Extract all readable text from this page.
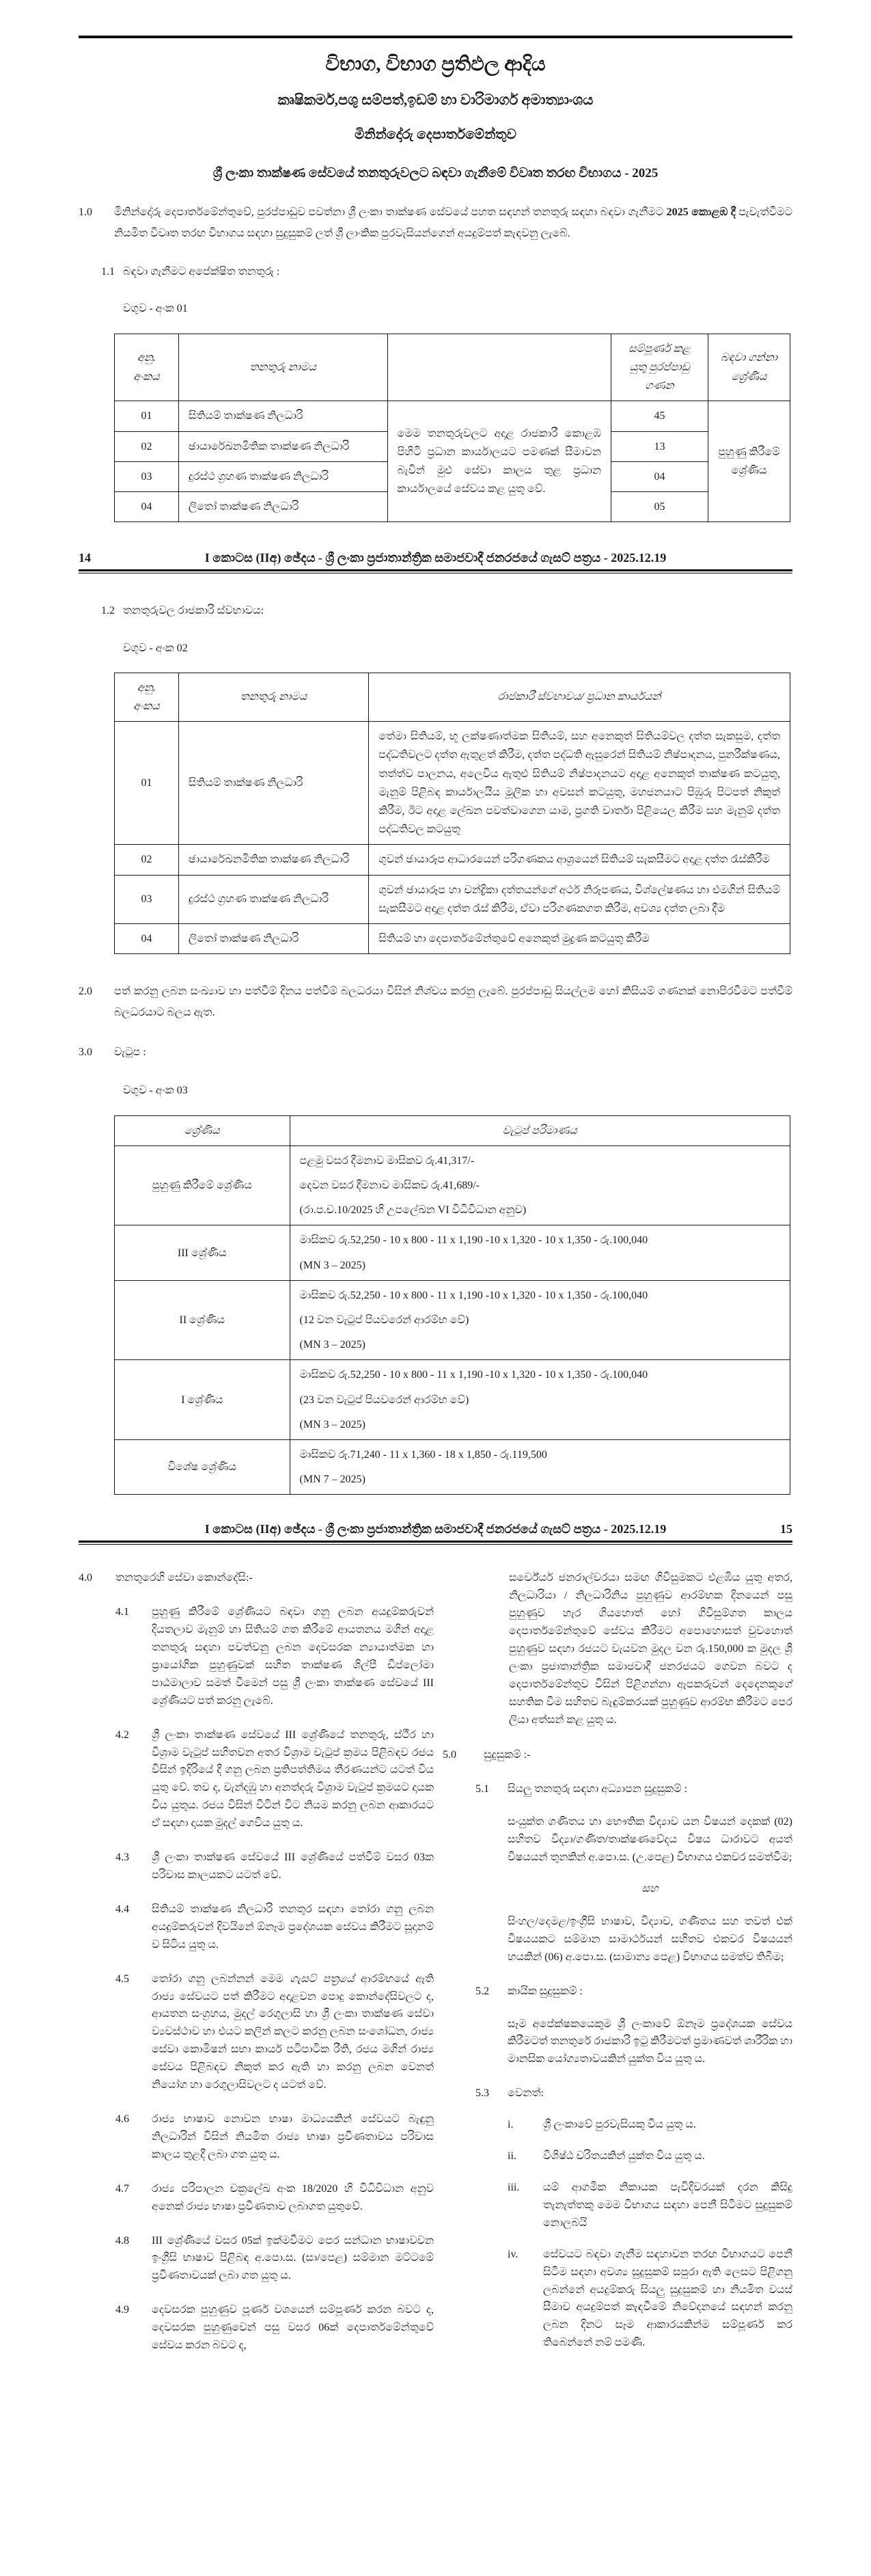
විභාග, විභාග ප්‍රතිඵල ආදිය
කෘෂිකර්ම,පශු සම්පත්,ඉඩම් හා වාරිමාර්ග අමාත්‍යාංශය
මිනින්දෝරු දෙපාර්තමේන්තුව
ශ්‍රී ලංකා තාක්ෂණ සේවයේ තනතුරුවලට බඳවා ගැනීමේ විවෘත තරඟ විභාගය - 2025
1.0	මිනින්දෝරු දෙපාර්තමේන්තුවේ, පුරප්පාඩුව පවත්නා ශ්‍රී ලංකා තාක්ෂණ සේවයේ පහත සඳහන් තනතුරු සඳහා බඳවා ගැනීමට 2025 කොළඹ දී පැවැත්වීමට නියමිත විවෘත තරඟ විභාගය සඳහා සුදුසුකම් ලත් ශ්‍රී ලාංකික පුරවැසියන්ගෙන් අයදුම්පත් කැඳවනු ලැබේ.
1.1 බඳවා ගැනීමට අපේක්ෂිත තනතුරු :
වගුව - අංක 01
අනු. අංකය	තනතුරු නාමය		සම්පූර්ණ කළ යුතු පුරප්පාඩු ගණන	බඳවා ගන්නා ශ්‍රේණිය
01	සිතියම් තාක්ෂණ නිලධාරි	මෙම තනතුරුවලට අදාළ රාජකාරී කොළඹ පිහිටි ප්‍රධාන කාර්යාලයට පමණක් සීමාවන බැවින් මුළු සේවා කාලය තුළ ප්‍රධාන කාර්යාලයේ සේවය කළ යුතු වේ.	45	පුහුණු කිරීමේ ශ්‍රේණිය
02	ඡායාරේඛනමිතික තාක්ෂණ නිලධාරි		13	
03	දුරස්ථ ග්‍රහණ තාක්ෂණ නිලධාරි		04	
04	ලිතෝ තාක්ෂණ නිලධාරි		05	
14	I කොටස (IIඅ) ඡේදය - ශ්‍රී ලංකා ප්‍රජාතාන්ත්‍රික සමාජවාදී ජනරජයේ ගැසට් පත්‍රය - 2025.12.19
1.2 තනතුරුවල රාජකාරි ස්වභාවය:
වගුව - අංක 02
අනු. අංකය	තනතුරු නාමය	රාජකාරී ස්වභාවය/ ප්‍රධාන කාර්යයන්
01	සිතියම් තාක්ෂණ නිලධාරි	තේමා සිතියම්, භූ ලක්ෂණාත්මක සිතියම්, සහ අනෙකුත් සිතියම්වල දත්ත සැකසුම, දත්ත පද්ධතිවලට දත්ත ඇතුළත් කිරීම, දත්ත පද්ධති ඇසුරෙන් සිතියම් නිෂ්පාදනය, පුනරීක්ෂණය, තත්ත්ව පාලනය, අලෙවිය ඇතුළු සිතියම් නිෂ්පාදනයට අදාළ අනෙකුත් තාක්ෂණ කටයුතු, මැනුම් පිළිබඳ කාර්යාලයීය මූලික හා අවසන් කටයුතු, මහජනයාට පිඹුරු පිටපත් නිකුත් කිරීම, ඊට අදාළ ලේඛන පවත්වාගෙන යාම, ප්‍රගති වාර්තා පිළියෙල කිරීම සහ මැනුම් දත්ත පද්ධතිවල කටයුතු
02	ඡායාරේඛනමිතික තාක්ෂණ නිලධාරි	ගුවන් ඡායාරූප ආධාරයෙන් පරිගණකය ආශ්‍රයෙන් සිතියම් සැකසීමට අදාළ දත්ත රැස්කිරීම
03	දුරස්ථ ග්‍රහණ තාක්ෂණ නිලධාරි	ගුවන් ඡායාරූප හා චන්ද්‍රිකා දත්තයන්ගේ අර්ථ නිරූපණය, විශ්ලේෂණය හා එමගින් සිතියම් සැකසීමට අදාළ දත්ත රැස් කිරීම, ඒවා පරිගණකගත කිරීම, අවශ්‍ය දත්ත ලබා දීම
04	ලිතෝ තාක්ෂණ නිලධාරි	සිතියම් හා දෙපාර්තමේන්තුවේ අනෙකුත් මුද්‍රණ කටයුතු කිරීම
2.0	පත් කරනු ලබන සංඛ්‍යාව හා පත්වීම් දිනය පත්වීම් බලධරයා විසින් නිශ්චය කරනු ලැබේ. පුරප්පාඩු සියල්ලම හෝ කිසියම් ගණනක් නොපිරවීමට පත්වීම් බලධරයාට බලය ඇත.
3.0	වැටුප :
වගුව - අංක 03
ශ්‍රේණිය	වැටුප් පරිමාණය
පුහුණු කිරීමේ ශ්‍රේණිය	පළමු වසර දීමනාව මාසිකව රු.41,317/-
දෙවන වසර දීමනාව මාසිකව රු.41,689/-
(රා.ප.ච.10/2025 හි උපලේඛන VI විධිවිධාන අනුව)

III ශ්‍රේණිය	මාසිකව රු.52,250 - 10 x 800 - 11 x 1,190 -10 x 1,320 - 10 x 1,350 - රු.100,040
(MN 3 – 2025)

II ශ්‍රේණිය	මාසිකව රු.52,250 - 10 x 800 - 11 x 1,190 -10 x 1,320 - 10 x 1,350 - රු.100,040
(12 වන වැටුප් පියවරෙන් ආරම්භ වේ)
(MN 3 – 2025)

I ශ්‍රේණිය	මාසිකව රු.52,250 - 10 x 800 - 11 x 1,190 -10 x 1,320 - 10 x 1,350 - රු.100,040
(23 වන වැටුප් පියවරෙන් ආරම්භ වේ)
(MN 3 – 2025)

විශේෂ ශ්‍රේණිය	මාසිකව රු.71,240 - 11 x 1,360 - 18 x 1,850 - රු.119,500
(MN 7 – 2025)
I කොටස (IIඅ) ඡේදය - ශ්‍රී ලංකා ප්‍රජාතාන්ත්‍රික සමාජවාදී ජනරජයේ ගැසට් පත්‍රය - 2025.12.19	15
4.0	තනතුරෙහි සේවා කොන්දේසි:-
4.1	පුහුණු කිරීමේ ශ්‍රේණියට බඳවා ගනු ලබන අයදුම්කරුවන් දියතලාව මැනුම් හා සිතියම් ගත කිරීමේ ආයතනය මගින් අදාළ තනතුරු සඳහා පවත්වනු ලබන දෙවසරක න්‍යායාත්මක හා ප්‍රායෝගික පුහුණුවක් සහිත තාක්ෂණ ශිල්පී ඩිප්ලෝමා පාඨමාලාව සමත් වීමෙන් පසු ශ්‍රී ලංකා තාක්ෂණ සේවයේ III ශ්‍රේණියට පත් කරනු ලැබේ.
4.2	ශ්‍රී ලංකා තාක්ෂණ සේවයේ III ශ්‍රේණියේ තනතුරු, ස්ථීර හා විශ්‍රාම වැටුප් සහිතවන අතර විශ්‍රාම වැටුප් ක්‍රමය පිළිබඳව රජය විසින් ඉදිරියේ දී ගනු ලබන ප්‍රතිපත්තිමය තීරණයන්ට යටත් විය යුතු වේ. තව ද, වැන්දඹු හා අනත්දරු විශ්‍රාම වැටුප් ක්‍රමයට දායක විය යුතුය. රජය විසින් විටින් විට නියම කරනු ලබන ආකාරයට ඒ සඳහා දායක මුදල් ගෙවිය යුතු ය.
4.3	ශ්‍රී ලංකා තාක්ෂණ සේවයේ III ශ්‍රේණියේ පත්වීම් වසර 03ක පරිවාස කාලයකට යටත් වේ.
4.4	සිතියම් තාක්ෂණ නිලධාරි තනතුර සඳහා තෝරා ගනු ලබන අයදුම්කරුවන් දිවයිනේ ඕනෑම ප්‍රදේශයක සේවය කිරීමට සූදානම් ව සිටිය යුතු ය.
4.5	තෝරා ගනු ලබන්නන් මෙම ගැසට් පත්‍රයේ ආරම්භයේ ඇති රාජ්‍ය සේවයට පත් කිරීමට අදාළවන පොදු කොන්දේසිවලට ද, ආයතන සංග්‍රහය, මුදල් රෙගුලාසි හා ශ්‍රී ලංකා තාක්ෂණ සේවා ව්‍යවස්ථාව හා එයට කලින් කලට කරනු ලබන සංශෝධන, රාජ්‍ය සේවා කොමිෂන් සභා කාර්ය පටිපාටික රීති, රජය මගින් රාජ්‍ය සේවය පිළිබඳව නිකුත් කර ඇති හා කරනු ලබන වෙනත් නියෝග හා රෙගුලාසිවලට ද යටත් වේ.
4.6	රාජ්‍ය භාෂාව නොවන භාෂා මාධ්‍යයකින් සේවයට බැඳුනු නිලධාරින් විසින් නියමිත රාජ්‍ය භාෂා ප්‍රවීණතාවය පරිවාස කාලය තුළදී ලබා ගත යුතු ය.
4.7	රාජ්‍ය පරිපාලන චක්‍රලේඛ අංක 18/2020 හි විධිවිධාන අනුව අනෙක් රාජ්‍ය භාෂා ප්‍රවීණතාව ලබාගත යුතුවේ.
4.8	III ශ්‍රේණියේ වසර 05ක් ඉක්මවීමට පෙර සන්ධාන භාෂාවවන ඉංග්‍රීසි භාෂාව පිළිබඳ අ.පො.ස. (සා/පෙළ) සම්මාන මට්ටමේ ප්‍රවීණතාවයක් ලබා ගත යුතු ය.
4.9	දෙවසරක පුහුණුව පූර්ණ වශයෙන් සම්පූර්ණ කරන බවට ද, දෙවසරක පුහුණුවෙන් පසු වසර 06ක් දෙපාර්තමේන්තුවේ සේවය කරන බවට ද,
සර්වේයර් ජනරාල්වරයා සමඟ ගිවිසුමකට එළඹිය යුතු අතර, නිලධාරියා / නිලධාරිනිය පුහුණුව ආරම්භක දිනයෙන් පසු පුහුණුව හැර ගියහොත් හෝ ගිවිසුම්ගත කාලය දෙපාර්තමේන්තුවේ සේවය කිරීමට අපොහොසත් වුවහොත් පුහුණුව සඳහා රජයට වැයවන මුදල වන රු.150,000 ක මුදල ශ්‍රී ලංකා ප්‍රජාතාන්ත්‍රික සමාජවාදී ජනරජයට ගෙවන බවට ද දෙපාර්තමේන්තුව විසින් පිළිගන්නා ඇපකරුවන් දෙදෙනකුගේ සහතික වීම සහිතව බැඳුම්කරයක් පුහුණුව ආරම්භ කිරීමට පෙර ලියා අත්සන් කළ යුතු ය.
5.0	සුදුසුකම් :-
5.1	සියලු තනතුරු සඳහා අධ්‍යාපන සුදුසුකම් :
සංයුක්ත ගණිතය හා භෞතික විද්‍යාව යන විෂයන් දෙකක් (02) සහිතව විද්‍යා/ගණිත/තාක්ෂණවේදය විෂය ධාරාවට අයත් විෂයයන් තුනකින් අ.පො.ස. (උ.පෙළ) විභාගය එකවර සමත්වීම;
සහ
සිංහල/දෙමළ/ඉංග්‍රීසි භාෂාව, විද්‍යාව, ගණිතය සහ තවත් එක් විෂයයකට සම්මාන සාමාර්ථයන් සහිතව එකවර විෂයයන් හයකින් (06) අ.පො.ස. (සාමාන්‍ය පෙළ) විභාගය සමත්ව තිබීම;
5.2	කායික සුදුසුකම් :
සෑම අපේක්ෂකයෙකුම ශ්‍රී ලංකාවේ ඕනෑම ප්‍රදේශයක සේවය කිරීමටත් තනතුරේ රාජකාරි ඉටු කිරීමටත් ප්‍රමාණවත් ශාරීරික හා මානසික යෝග්‍යතාවයකින් යුක්ත විය යුතු ය.
5.3	වෙනත්:
i.	ශ්‍රී ලංකාවේ පුරවැසියකු විය යුතු ය.
ii.	විශිෂ්ඨ චරිතයකින් යුක්ත විය යුතු ය.
iii.	යම් ආගමික නිකායක පැවිදිවරයක් දරන කිසිදු තැනැත්තකු මෙම විභාගය සඳහා පෙනී සිටීමට සුදුසුකම් නොලබයි
iv.	සේවයට බඳවා ගැනීම සඳහාවන තරඟ විභාගයට පෙනී සිටීම සඳහා අවශ්‍ය සුදුසුකම් සපුරා ඇති ලෙසට පිළිගනු ලබන්නේ අයදුම්කරු සියලු සුදුසුකම් හා නියමිත වයස් සීමාව අයදුම්පත් කැඳවීමේ නිවේදනයේ සඳහන් කරනු ලබන දිනට සෑම ආකාරයකින්ම සම්පූර්ණ කර තිබෙන්නේ නම් පමණි.
